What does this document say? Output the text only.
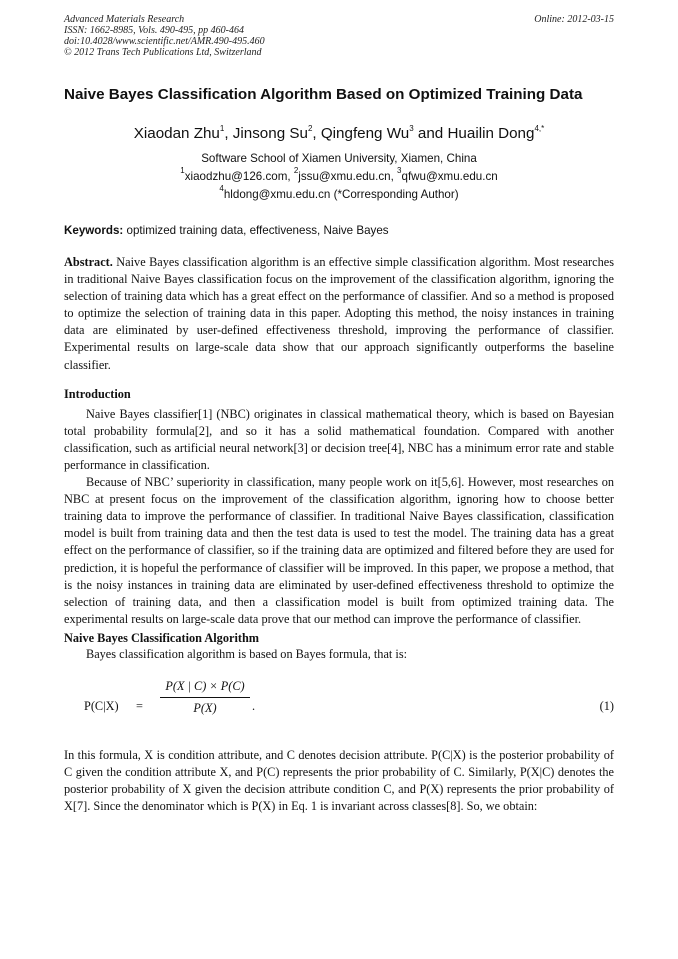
Advanced Materials Research
ISSN: 1662-8985, Vols. 490-495, pp 460-464
doi:10.4028/www.scientific.net/AMR.490-495.460
© 2012 Trans Tech Publications Ltd, Switzerland
Online: 2012-03-15
Naive Bayes Classification Algorithm Based on Optimized Training Data
Xiaodan Zhu$^1$, Jinsong Su$^2$, Qingfeng Wu$^3$ and Huailin Dong$^{4,*}$
Software School of Xiamen University, Xiamen, China
$^1$xiaodzhu@126.com, $^2$jssu@xmu.edu.cn, $^3$qfwu@xmu.edu.cn
$^4$hldong@xmu.edu.cn (*Corresponding Author)
Keywords: optimized training data, effectiveness, Naive Bayes
Abstract. Naive Bayes classification algorithm is an effective simple classification algorithm. Most researches in traditional Naive Bayes classification focus on the improvement of the classification algorithm, ignoring the selection of training data which has a great effect on the performance of classifier. And so a method is proposed to optimize the selection of training data in this paper. Adopting this method, the noisy instances in training data are eliminated by user-defined effectiveness threshold, improving the performance of classifier. Experimental results on large-scale data show that our approach significantly outperforms the baseline classifier.
Introduction

Naive Bayes classifier[1] (NBC) originates in classical mathematical theory, which is based on Bayesian total probability formula[2], and so it has a solid mathematical foundation. Compared with another classification, such as artificial neural network[3] or decision tree[4], NBC has a minimum error rate and stable performance in classification.

Because of NBC’ superiority in classification, many people work on it[5,6]. However, most researches on NBC at present focus on the improvement of the classification algorithm, ignoring how to choose better training data to improve the performance of classifier. In traditional Naive Bayes classification, classification model is built from training data and then the test data is used to test the model. The training data has a great effect on the performance of classifier, so if the training data are optimized and filtered before they are used for prediction, it is hopeful the performance of classifier will be improved. In this paper, we propose a method, that is the noisy instances in training data are eliminated by user-defined effectiveness threshold to optimize the selection of training data, and then a classification model is built from optimized training data. The experimental results on large-scale data prove that our method can improve the performance of classifier.

Naive Bayes Classification Algorithm

Bayes classification algorithm is based on Bayes formula, that is:

P(C|X) =
P(X | C) × P(C)
P(X)	.	(1)

In this formula, X is condition attribute, and C denotes decision attribute. P(C|X) is the posterior probability of C given the condition attribute X, and P(C) represents the prior probability of C. Similarly, P(X|C) denotes the posterior probability of X given the decision attribute condition C, and P(X) represents the prior probability of X[7]. Since the denominator which is P(X) in Eq. 1 is invariant across classes[8]. So, we obtain:
